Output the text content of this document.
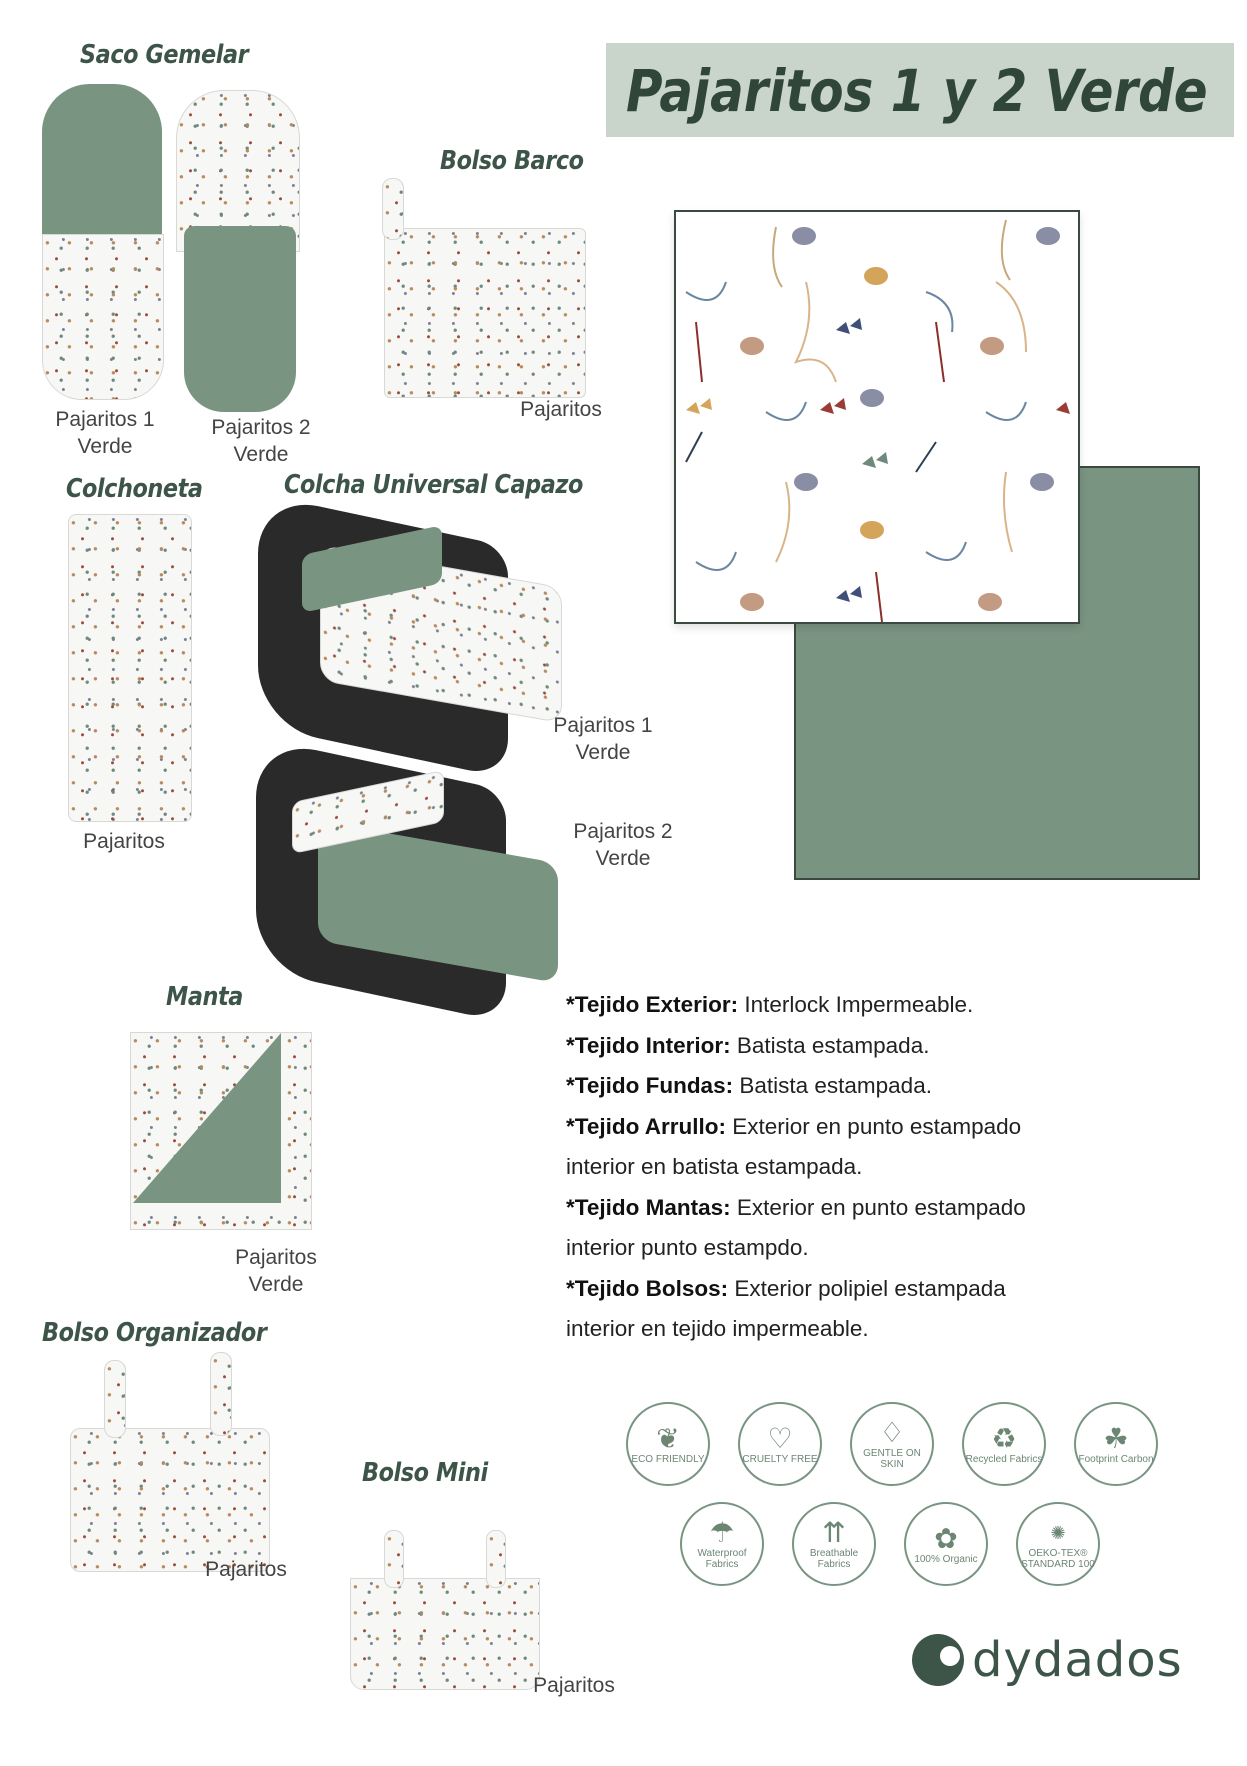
Pajaritos 1 y 2 Verde
Saco Gemelar
Pajaritos 1
Verde
Pajaritos 2
Verde
Bolso Barco
Pajaritos
Colchoneta
Pajaritos
Colcha Universal Capazo
Pajaritos 1
Verde
Pajaritos 2
Verde
Manta
Pajaritos
Verde
*Tejido Exterior: Interlock Impermeable.
*Tejido Interior: Batista estampada.
*Tejido Fundas: Batista estampada.
*Tejido Arrullo: Exterior en punto estampado
interior en batista estampada.
*Tejido Mantas: Exterior en punto estampado
interior punto estampdo.
*Tejido Bolsos: Exterior polipiel estampada
interior en tejido impermeable.
Bolso Organizador
Pajaritos
Bolso Mini
Pajaritos
❦
ECO FRIENDLY
♡
CRUELTY FREE
♢
GENTLE ON SKIN
♻
Recycled Fabrics
☘
Footprint Carbon
☂
Waterproof Fabrics
⇈
Breathable Fabrics
✿
100% Organic
✺
OEKO-TEX® STANDARD 100
dydados
